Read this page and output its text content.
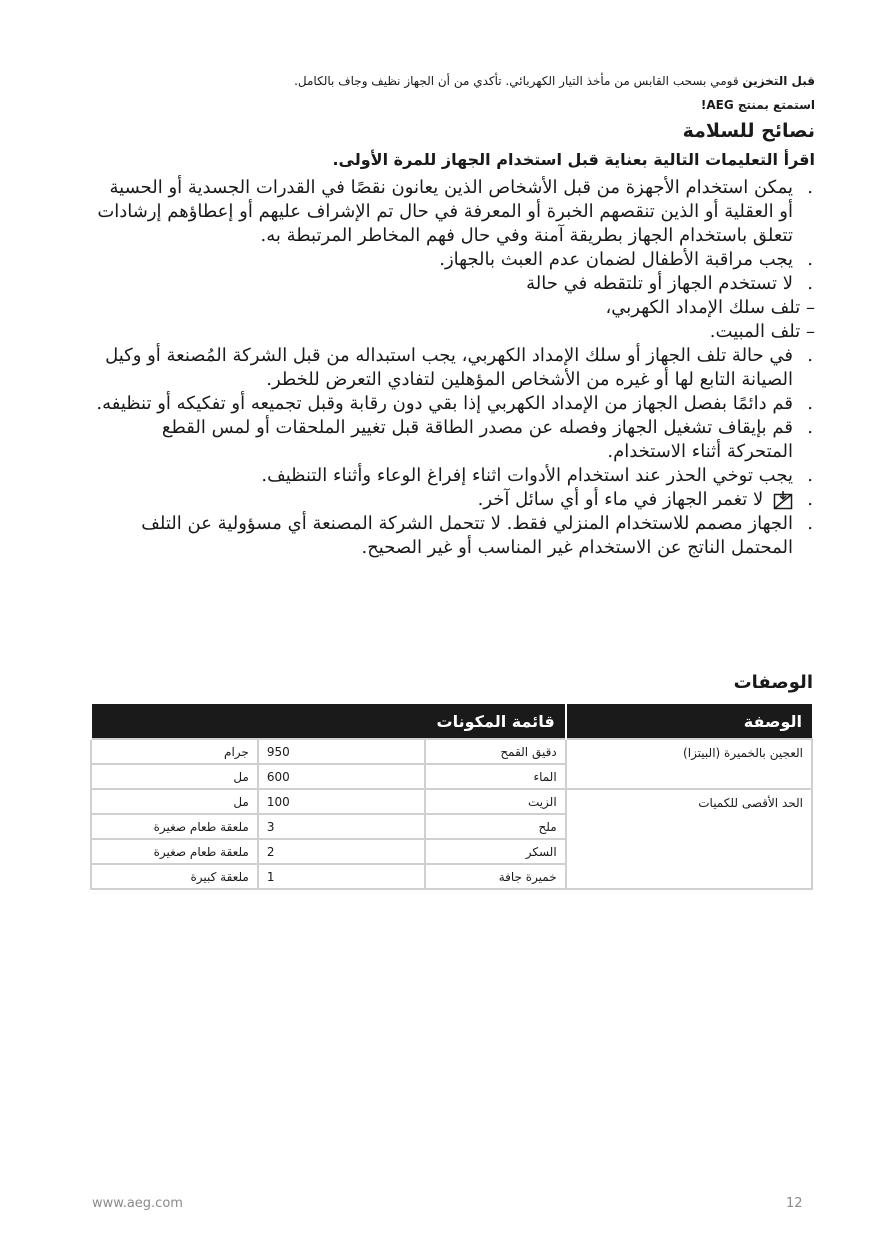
قبل التخزين قومي بسحب القابس من مأخذ التيار الكهربائي. تأكدي من أن الجهاز نظيف وجاف بالكامل.
استمتع بمنتج AEG!
نصائح للسلامة
اقرأ التعليمات التالية بعناية قبل استخدام الجهاز للمرة الأولى.
.
يمكن استخدام الأجهزة من قبل الأشخاص الذين يعانون نقصًا في القدرات الجسدية أو الحسية أو العقلية أو الذين تنقصهم الخبرة أو المعرفة في حال تم الإشراف عليهم أو إعطاؤهم إرشادات تتعلق باستخدام الجهاز بطريقة آمنة وفي حال فهم المخاطر المرتبطة به.
.
يجب مراقبة الأطفال لضمان عدم العبث بالجهاز.
.
لا تستخدم الجهاز أو تلتقطه في حالة
– تلف سلك الإمداد الكهربي،
– تلف المبيت.
.
في حالة تلف الجهاز أو سلك الإمداد الكهربي، يجب استبداله من قبل الشركة المُصنعة أو وكيل الصيانة التابع لها أو غيره من الأشخاص المؤهلين لتفادي التعرض للخطر.
.
قم دائمًا بفصل الجهاز من الإمداد الكهربي إذا بقي دون رقابة وقبل تجميعه أو تفكيكه أو تنظيفه.
.
قم بإيقاف تشغيل الجهاز وفصله عن مصدر الطاقة قبل تغيير الملحقات أو لمس القطع المتحركة أثناء الاستخدام.
.
يجب توخي الحذر عند استخدام الأدوات اثناء إفراغ الوعاء وأثناء التنظيف.
.
لا تغمر الجهاز في ماء أو أي سائل آخر.
.
الجهاز مصمم للاستخدام المنزلي فقط. لا تتحمل الشركة المصنعة أي مسؤولية عن التلف المحتمل الناتج عن الاستخدام غير المناسب أو غير الصحيح.
الوصفات
الوصفة	قائمة المكونات		
العجين بالخميرة (البيتزا)	دقيق القمح	950	جرام
	الماء	600	مل
الحد الأقصى للكميات	الزيت	100	مل
	ملح	3	ملعقة طعام صغيرة
	السكر	2	ملعقة طعام صغيرة
	خميرة جافة	1	ملعقة كبيرة
www.aeg.com	12
